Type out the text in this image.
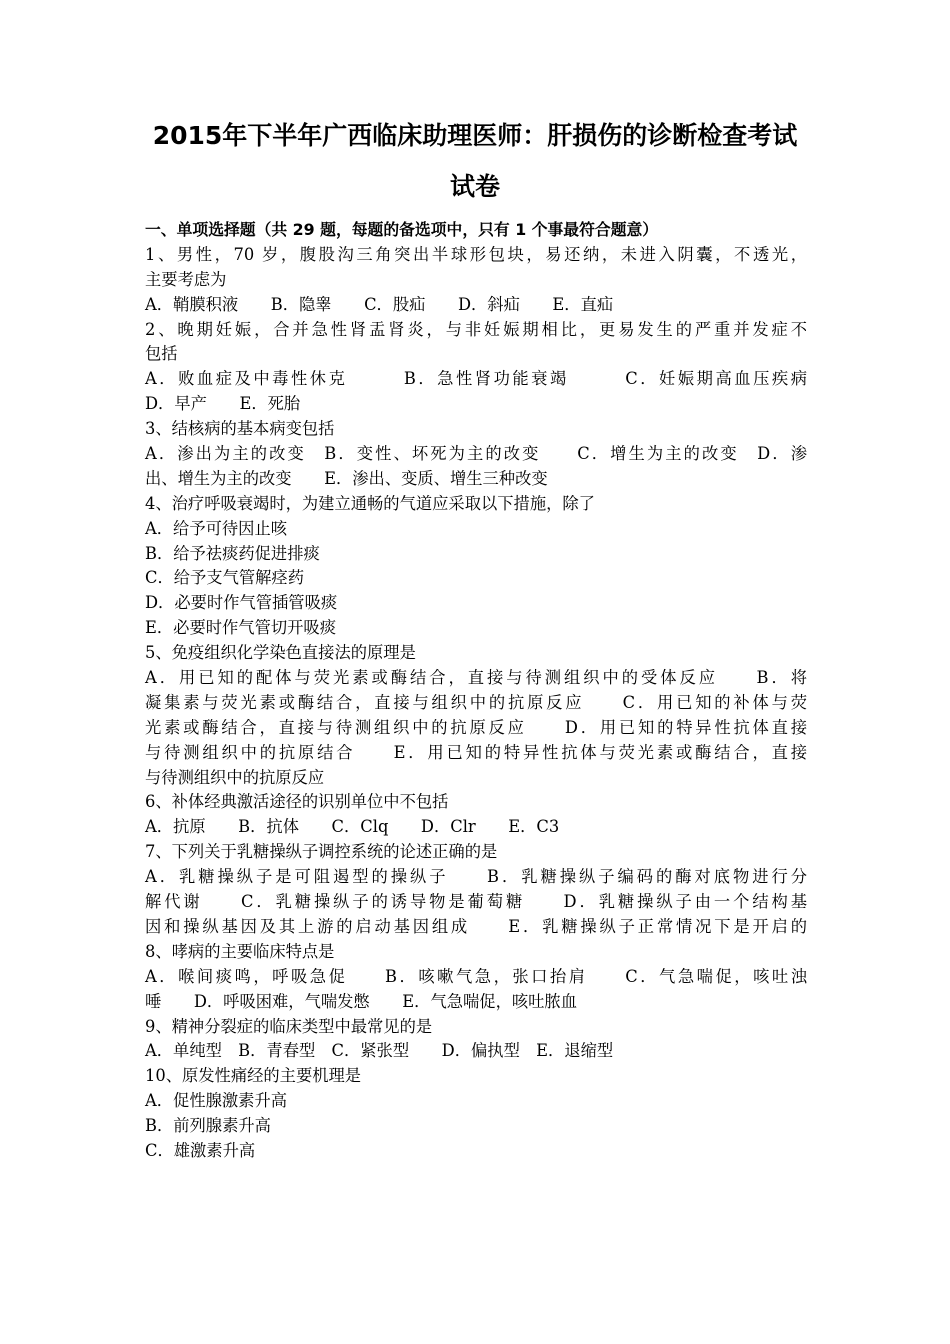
2015年下半年广西临床助理医师：肝损伤的诊断检查考试
试卷
一、单项选择题（共 29 题，每题的备选项中，只有 1 个事最符合题意）
1、男性，70 岁，腹股沟三角突出半球形包块，易还纳，未进入阴囊，不透光，
主要考虑为
A．鞘膜积液　　B．隐睾　　C．股疝　　D．斜疝　　E．直疝
2、晚期妊娠，合并急性肾盂肾炎，与非妊娠期相比，更易发生的严重并发症不
包括
A．败血症及中毒性休克　　　B．急性肾功能衰竭　　　C．妊娠期高血压疾病
D．早产　　E．死胎
3、结核病的基本病变包括
A．渗出为主的改变　B．变性、坏死为主的改变　　C．增生为主的改变　D．渗
出、增生为主的改变　　E．渗出、变质、增生三种改变
4、治疗呼吸衰竭时，为建立通畅的气道应采取以下措施，除了
A．给予可待因止咳
B．给予祛痰药促进排痰
C．给予支气管解痉药
D．必要时作气管插管吸痰
E．必要时作气管切开吸痰
5、免疫组织化学染色直接法的原理是
A．用已知的配体与荧光素或酶结合，直接与待测组织中的受体反应　　B．将
凝集素与荧光素或酶结合，直接与组织中的抗原反应　　C．用已知的补体与荧
光素或酶结合，直接与待测组织中的抗原反应　　D．用已知的特异性抗体直接
与待测组织中的抗原结合　　E．用已知的特异性抗体与荧光素或酶结合，直接
与待测组织中的抗原反应
6、补体经典激活途径的识别单位中不包括
A．抗原　　B．抗体　　C．Clq　　D．Clr　　E．C3
7、下列关于乳糖操纵子调控系统的论述正确的是
A．乳糖操纵子是可阻遏型的操纵子　　B．乳糖操纵子编码的酶对底物进行分
解代谢　　C．乳糖操纵子的诱导物是葡萄糖　　D．乳糖操纵子由一个结构基
因和操纵基因及其上游的启动基因组成　　E．乳糖操纵子正常情况下是开启的
8、哮病的主要临床特点是
A．喉间痰鸣，呼吸急促　　B．咳嗽气急，张口抬肩　　C．气急喘促，咳吐浊
唾　　D．呼吸困难，气喘发憋　　E．气急喘促，咳吐脓血
9、精神分裂症的临床类型中最常见的是
A．单纯型　B．青春型　C．紧张型　　D．偏执型　E．退缩型
10、原发性痛经的主要机理是
A．促性腺激素升高
B．前列腺素升高
C．雄激素升高
